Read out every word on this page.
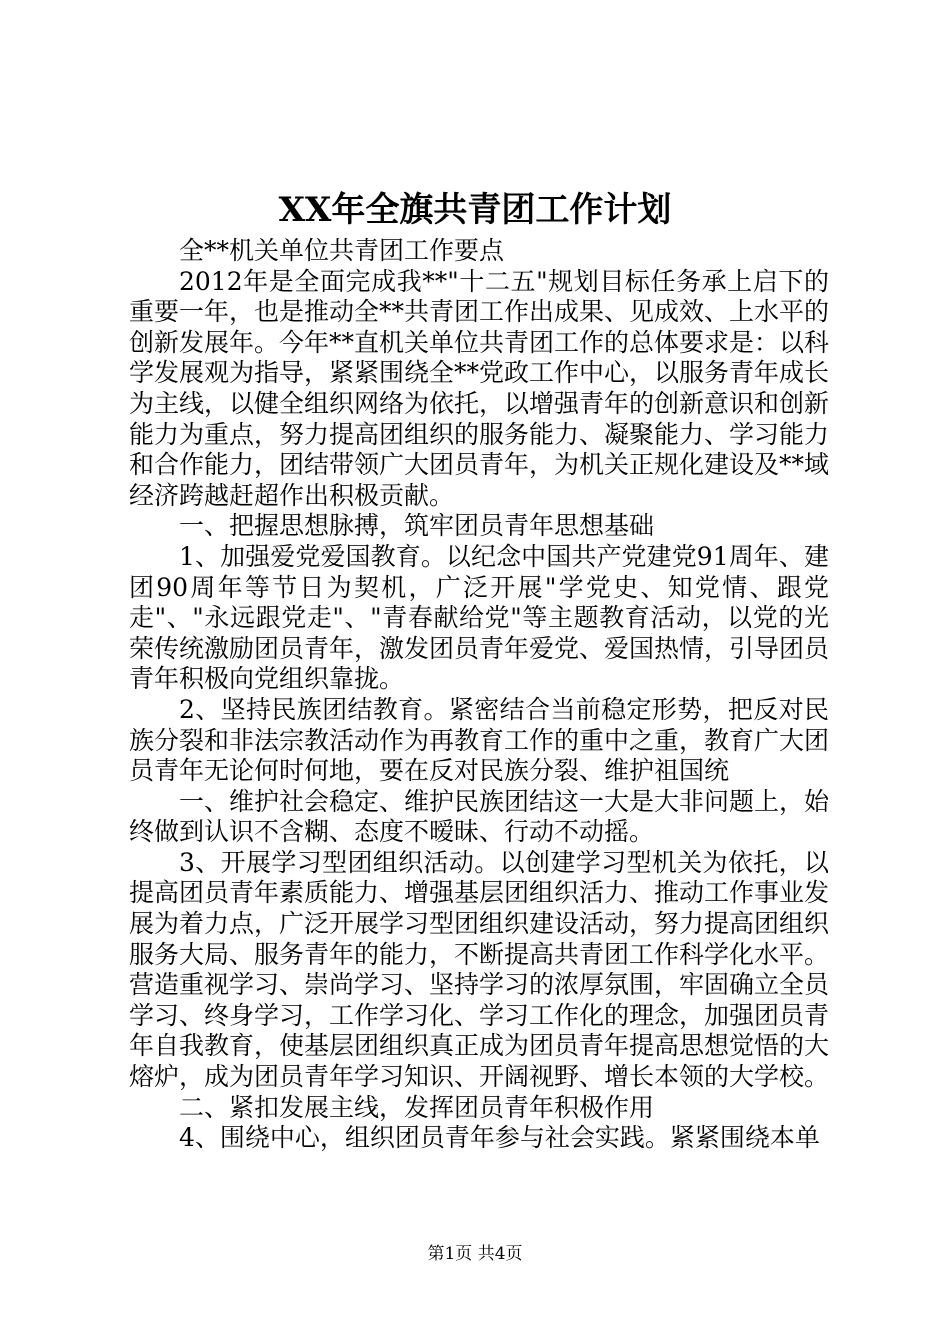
XX年全旗共青团工作计划

全**机关单位共青团工作要点

2012年是全面完成我**"十二五"规划目标任务承上启下的重要一年，也是推动全**共青团工作出成果、见成效、上水平的创新发展年。今年**直机关单位共青团工作的总体要求是：以科学发展观为指导，紧紧围绕全**党政工作中心，以服务青年成长为主线，以健全组织网络为依托，以增强青年的创新意识和创新能力为重点，努力提高团组织的服务能力、凝聚能力、学习能力和合作能力，团结带领广大团员青年，为机关正规化建设及**域经济跨越赶超作出积极贡献。

一、把握思想脉搏，筑牢团员青年思想基础

1、加强爱党爱国教育。以纪念中国共产党建党91周年、建团90周年等节日为契机，广泛开展"学党史、知党情、跟党走"、"永远跟党走"、"青春献给党"等主题教育活动，以党的光荣传统激励团员青年，激发团员青年爱党、爱国热情，引导团员青年积极向党组织靠拢。

2、坚持民族团结教育。紧密结合当前稳定形势，把反对民族分裂和非法宗教活动作为再教育工作的重中之重，教育广大团员青年无论何时何地，要在反对民族分裂、维护祖国统

一、维护社会稳定、维护民族团结这一大是大非问题上，始终做到认识不含糊、态度不暧昧、行动不动摇。

3、开展学习型团组织活动。以创建学习型机关为依托，以提高团员青年素质能力、增强基层团组织活力、推动工作事业发展为着力点，广泛开展学习型团组织建设活动，努力提高团组织服务大局、服务青年的能力，不断提高共青团工作科学化水平。营造重视学习、崇尚学习、坚持学习的浓厚氛围，牢固确立全员学习、终身学习，工作学习化、学习工作化的理念，加强团员青年自我教育，使基层团组织真正成为团员青年提高思想觉悟的大熔炉，成为团员青年学习知识、开阔视野、增长本领的大学校。

二、紧扣发展主线，发挥团员青年积极作用

4、围绕中心，组织团员青年参与社会实践。紧紧围绕本单

第1页 共4页
